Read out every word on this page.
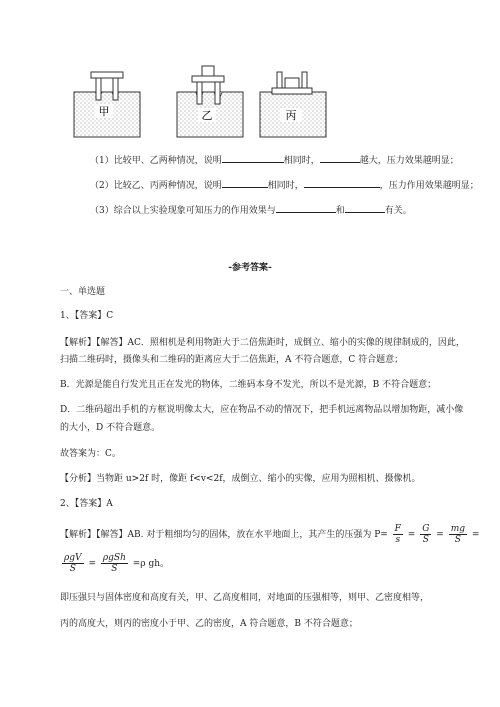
甲	乙	丙
（1）比较甲、乙两种情况，说明	相同时，	越大，压力效果越明显；
（2）比较乙、丙两种情况，说明	相同时，	，压力作用效果越明显；
（3）综合以上实验现象可知压力的作用效果与	和	有关。
-参考答案-
一、单选题
1、【答案】C
【解析】【解答】AC．照相机是利用物距大于二倍焦距时，成倒立、缩小的实像的规律制成的，因此，
扫描二维码时，摄像头和二维码的距离应大于二倍焦距，A 不符合题意，C 符合题意；
B．光源是能自行发光且正在发光的物体，二维码本身不发光，所以不是光源，B 不符合题意；
D．二维码超出手机的方框说明像太大，应在物品不动的情况下，把手机远离物品以增加物距，减小像
的大小，D 不符合题意。
故答案为：C。
【分析】当物距 u>2f 时，像距 f<v<2f，成倒立、缩小的实像，应用为照相机、摄像机。
2、【答案】A
【解析】【解答】AB. 对于粗细均匀的固体，放在水平地面上，其产生的压强为 $P= \frac{F}{s} = \frac{G}{S} = \frac{mg}{S}$ =
$\frac{\text{ρgV}}{S} = \frac{\text{ρgSh}}{S} =\rho$ gh。
即压强只与固体密度和高度有关，甲、乙高度相同，对地面的压强相等，则甲、乙密度相等，
丙的高度大，则丙的密度小于甲、乙的密度，A 符合题意，B 不符合题意；
